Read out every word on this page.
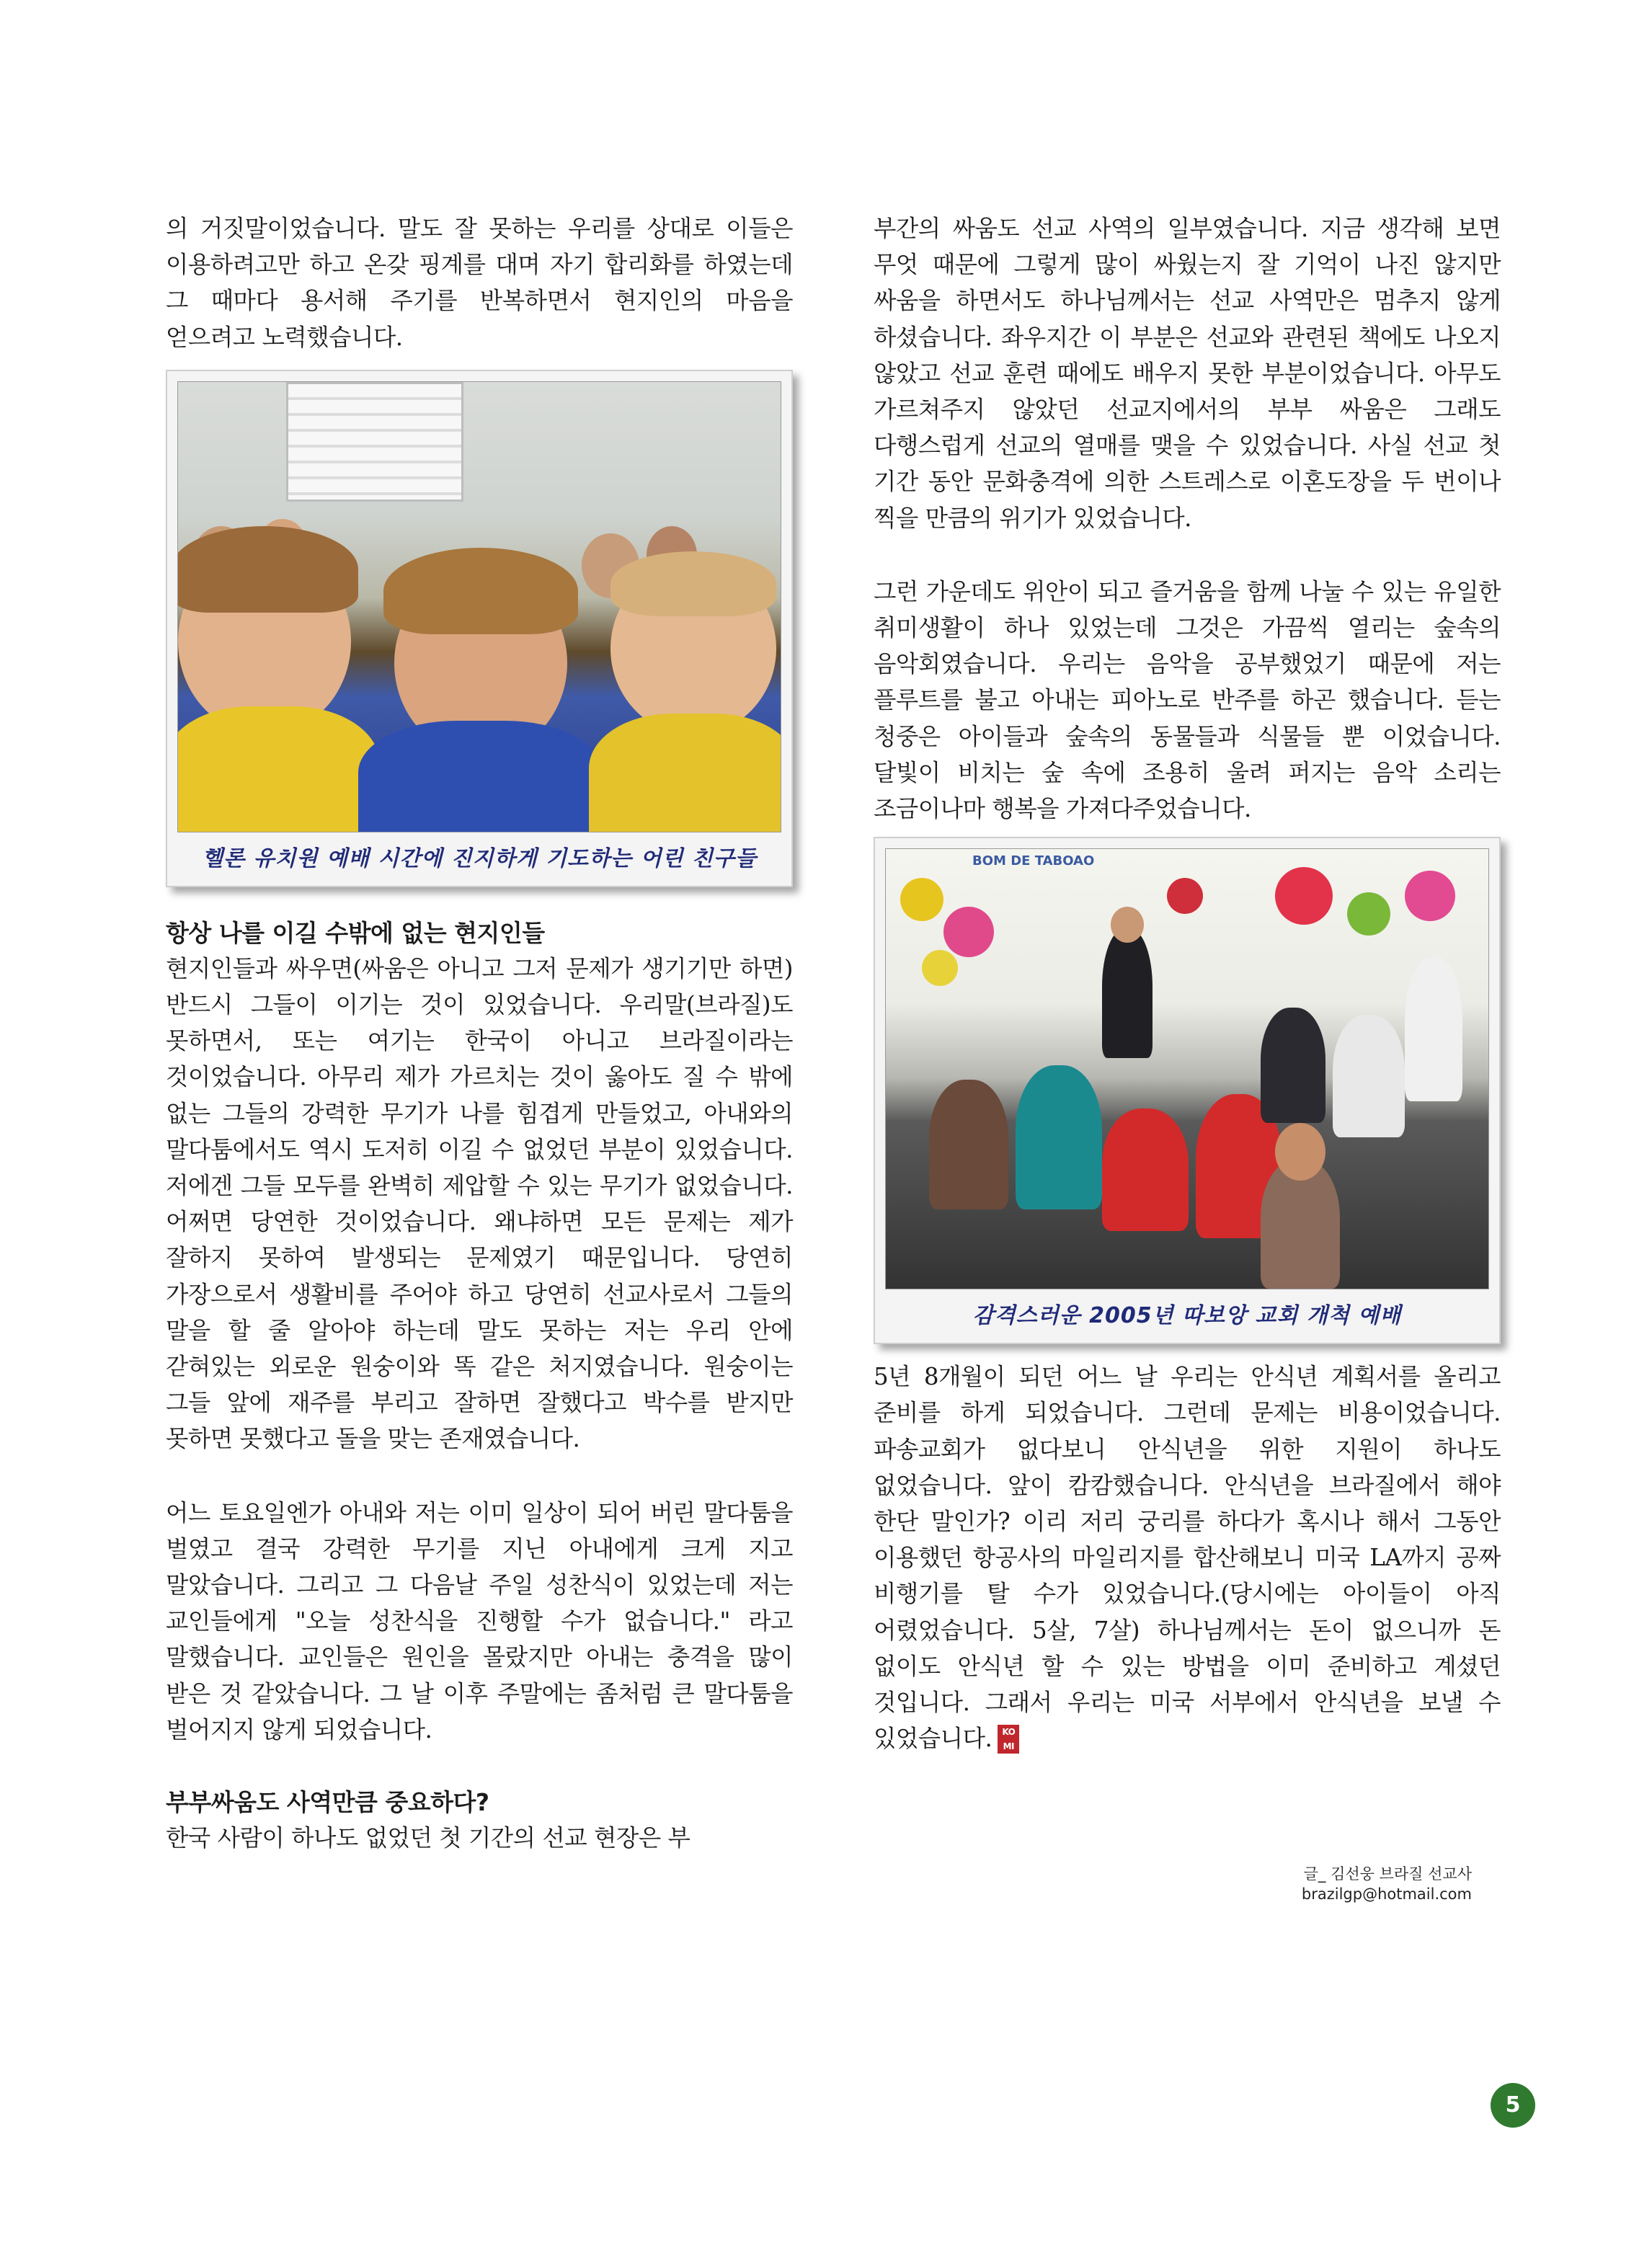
의 거짓말이었습니다. 말도 잘 못하는 우리를 상대로 이들은 이용하려고만 하고 온갖 핑계를 대며 자기 합리화를 하였는데 그 때마다 용서해 주기를 반복하면서 현지인의 마음을 얻으려고 노력했습니다.

헬론 유치원 예배 시간에 진지하게 기도하는 어린 친구들

항상 나를 이길 수밖에 없는 현지인들

현지인들과 싸우면(싸움은 아니고 그저 문제가 생기기만 하면) 반드시 그들이 이기는 것이 있었습니다. 우리말(브라질)도 못하면서, 또는 여기는 한국이 아니고 브라질이라는 것이었습니다. 아무리 제가 가르치는 것이 옳아도 질 수 밖에 없는 그들의 강력한 무기가 나를 힘겹게 만들었고, 아내와의 말다툼에서도 역시 도저히 이길 수 없었던 부분이 있었습니다. 저에겐 그들 모두를 완벽히 제압할 수 있는 무기가 없었습니다. 어쩌면 당연한 것이었습니다. 왜냐하면 모든 문제는 제가 잘하지 못하여 발생되는 문제였기 때문입니다. 당연히 가장으로서 생활비를 주어야 하고 당연히 선교사로서 그들의 말을 할 줄 알아야 하는데 말도 못하는 저는 우리 안에 갇혀있는 외로운 원숭이와 똑 같은 처지였습니다. 원숭이는 그들 앞에 재주를 부리고 잘하면 잘했다고 박수를 받지만 못하면 못했다고 돌을 맞는 존재였습니다.

어느 토요일엔가 아내와 저는 이미 일상이 되어 버린 말다툼을 벌였고 결국 강력한 무기를 지닌 아내에게 크게 지고 말았습니다. 그리고 그 다음날 주일 성찬식이 있었는데 저는 교인들에게 "오늘 성찬식을 진행할 수가 없습니다." 라고 말했습니다. 교인들은 원인을 몰랐지만 아내는 충격을 많이 받은 것 같았습니다. 그 날 이후 주말에는 좀처럼 큰 말다툼을 벌어지지 않게 되었습니다.

부부싸움도 사역만큼 중요하다?

한국 사람이 하나도 없었던 첫 기간의 선교 현장은 부

부간의 싸움도 선교 사역의 일부였습니다. 지금 생각해 보면 무엇 때문에 그렇게 많이 싸웠는지 잘 기억이 나진 않지만 싸움을 하면서도 하나님께서는 선교 사역만은 멈추지 않게 하셨습니다. 좌우지간 이 부분은 선교와 관련된 책에도 나오지 않았고 선교 훈련 때에도 배우지 못한 부분이었습니다. 아무도 가르쳐주지 않았던 선교지에서의 부부 싸움은 그래도 다행스럽게 선교의 열매를 맺을 수 있었습니다. 사실 선교 첫 기간 동안 문화충격에 의한 스트레스로 이혼도장을 두 번이나 찍을 만큼의 위기가 있었습니다.

그런 가운데도 위안이 되고 즐거움을 함께 나눌 수 있는 유일한 취미생활이 하나 있었는데 그것은 가끔씩 열리는 숲속의 음악회였습니다. 우리는 음악을 공부했었기 때문에 저는 플루트를 불고 아내는 피아노로 반주를 하곤 했습니다. 듣는 청중은 아이들과 숲속의 동물들과 식물들 뿐 이었습니다. 달빛이 비치는 숲 속에 조용히 울려 퍼지는 음악 소리는 조금이나마 행복을 가져다주었습니다.

BOM DE TABOAO
감격스러운 2005년 따보앙 교회 개척 예배

5년 8개월이 되던 어느 날 우리는 안식년 계획서를 올리고 준비를 하게 되었습니다. 그런데 문제는 비용이었습니다. 파송교회가 없다보니 안식년을 위한 지원이 하나도 없었습니다. 앞이 캄캄했습니다. 안식년을 브라질에서 해야 한단 말인가? 이리 저리 궁리를 하다가 혹시나 해서 그동안 이용했던 항공사의 마일리지를 합산해보니 미국 LA까지 공짜 비행기를 탈 수가 있었습니다.(당시에는 아이들이 아직 어렸었습니다. 5살, 7살) 하나님께서는 돈이 없으니까 돈 없이도 안식년 할 수 있는 방법을 이미 준비하고 계셨던 것입니다. 그래서 우리는 미국 서부에서 안식년을 보낼 수 있었습니다. KO MI

글_ 김선웅 브라질 선교사
brazilgp@hotmail.com
5
